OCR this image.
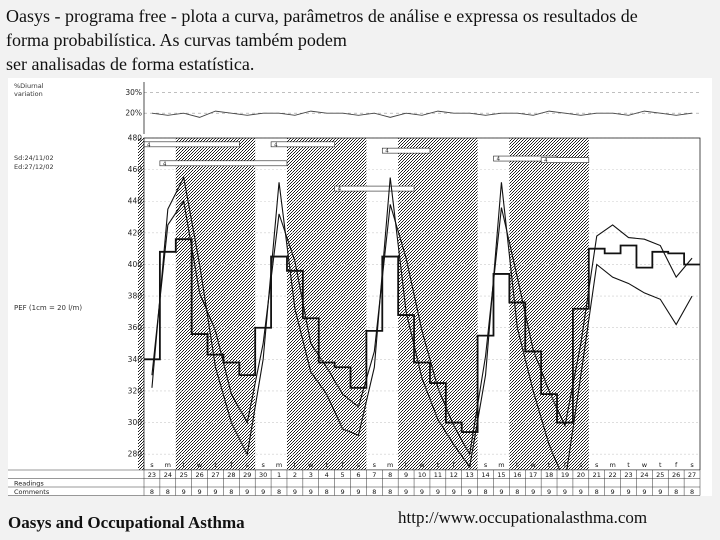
Oasys - programa free - plota a curva, parâmetros de análise e expressa os resultados de
forma probabilística. As curvas também podem
ser analisadas de forma estatística.
4	4
4
4
4
4
4
280
300
320
340
360
380
400
420
440
460
480
30%
20%
23 24 25 26 27 28 29 30 1 2 3 4 5 6 7 8 9 10 11 12 13 14 15 16 17 18 19 20 21 22 23 24 25 26 27
s m t w t f s s m t w t f s s m t w t f s s m t w t f s s m t w t f s
8 8 9 9 9 8 9 9 8 9 9 8 9 9 8 8 9 9 9 9 9 8 9 8 9 9 9 9 8 9 9 9 9 8 8
Readings
Comments
%Diurnal
variation
Sd:24/11/02
Ed:27/12/02
PEF (1cm = 20 l/m)
Oasys and Occupational Asthma	http://www.occupationalasthma.com
